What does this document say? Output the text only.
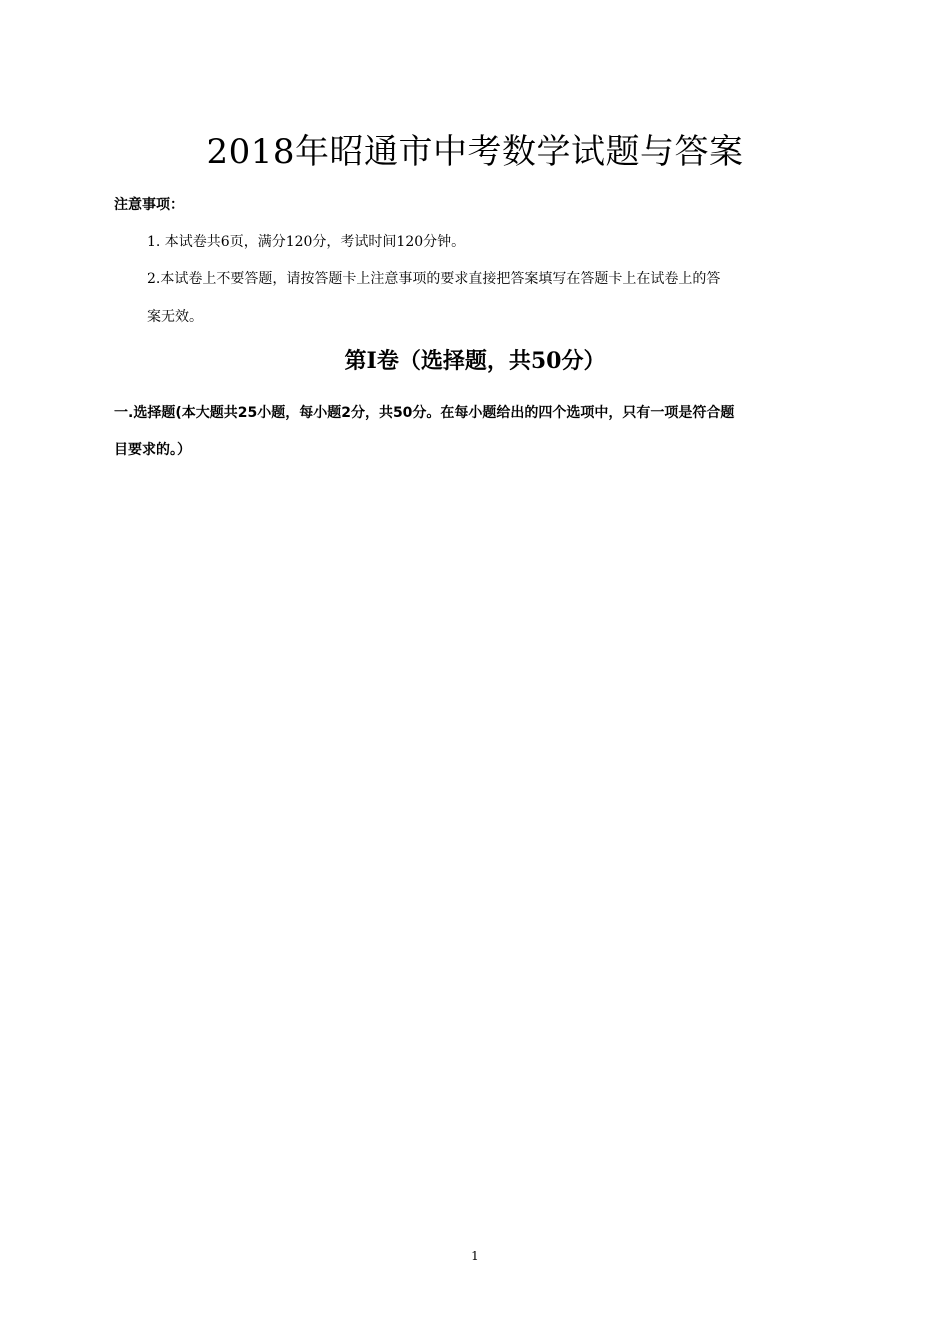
2018年昭通市中考数学试题与答案
注意事项：

1. 本试卷共6页，满分120分，考试时间120分钟。

2.本试卷上不要答题，请按答题卡上注意事项的要求直接把答案填写在答题卡上在试卷上的答

案无效。

第Ⅰ卷（选择题，共50分）

一.选择题(本大题共25小题，每小题2分，共50分。在每小题给出的四个选项中，只有一项是符合题

目要求的。）

1
